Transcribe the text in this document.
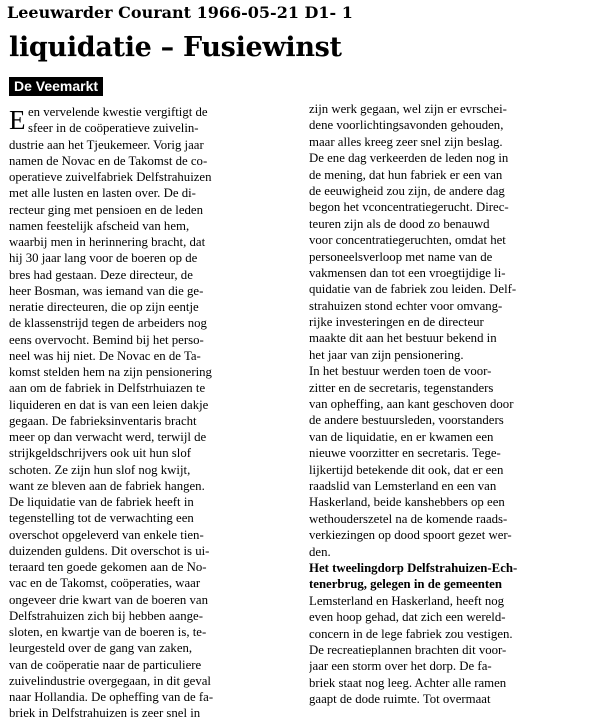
Leeuwarder Courant 1966-05-21 D1- 1
liquidatie – Fusiewinst
De Veemarkt
E en vervelende kwestie vergiftigt de
sfeer in de coöperatieve zuivelin-
dustrie aan het Tjeukemeer. Vorig jaar
namen de Novac en de Takomst de co-
operatieve zuivelfabriek Delfstrahuizen
met alle lusten en lasten over. De di-
recteur ging met pensioen en de leden
namen feestelijk afscheid van hem,
waarbij men in herinnering bracht, dat
hij 30 jaar lang voor de boeren op de
bres had gestaan. Deze directeur, de
heer Bosman, was iemand van die ge-
neratie directeuren, die op zijn eentje
de klassenstrijd tegen de arbeiders nog
eens overvocht. Bemind bij het perso-
neel was hij niet. De Novac en de Ta-
komst stelden hem na zijn pensionering
aan om de fabriek in Delfstrhuiazen te
liquideren en dat is van een leien dakje
gegaan. De fabrieksinventaris bracht
meer op dan verwacht werd, terwijl de
strijkgeldschrijvers ook uit hun slof
schoten. Ze zijn hun slof nog kwijt,
want ze bleven aan de fabriek hangen.
De liquidatie van de fabriek heeft in
tegenstelling tot de verwachting een
overschot opgeleverd van enkele tien-
duizenden guldens. Dit overschot is ui-
teraard ten goede gekomen aan de No-
vac en de Takomst, coöperaties, waar
ongeveer drie kwart van de boeren van
Delfstrahuizen zich bij hebben aange-
sloten, en kwartje van de boeren is, te-
leurgesteld over de gang van zaken,
van de coöperatie naar de particuliere
zuivelindustrie overgegaan, in dit geval
naar Hollandia. De opheffing van de fa-
briek in Delfstrahuizen is zeer snel in
zijn werk gegaan, wel zijn er evrschei-
dene voorlichtingsavonden gehouden,
maar alles kreeg zeer snel zijn beslag.
De ene dag verkeerden de leden nog in
de mening, dat hun fabriek er een van
de eeuwigheid zou zijn, de andere dag
begon het vconcentratiegerucht. Direc-
teuren zijn als de dood zo benauwd
voor concentratiegeruchten, omdat het
personeelsverloop met name van de
vakmensen dan tot een vroegtijdige li-
quidatie van de fabriek zou leiden. Delf-
strahuizen stond echter voor omvang-
rijke investeringen en de directeur
maakte dit aan het bestuur bekend in
het jaar van zijn pensionering.
In het bestuur werden toen de voor-
zitter en de secretaris, tegenstanders
van opheffing, aan kant geschoven door
de andere bestuursleden, voorstanders
van de liquidatie, en er kwamen een
nieuwe voorzitter en secretaris. Tege-
lijkertijd betekende dit ook, dat er een
raadslid van Lemsterland en een van
Haskerland, beide kanshebbers op een
wethouderszetel na de komende raads-
verkiezingen op dood spoort gezet wer-
den.
Het tweelingdorp Delfstrahuizen-Ech-
tenerbrug, gelegen in de gemeenten
Lemsterland en Haskerland, heeft nog
even hoop gehad, dat zich een wereld-
concern in de lege fabriek zou vestigen.
De recreatieplannen brachten dit voor-
jaar een storm over het dorp. De fa-
briek staat nog leeg. Achter alle ramen
gaapt de dode ruimte. Tot overmaat
